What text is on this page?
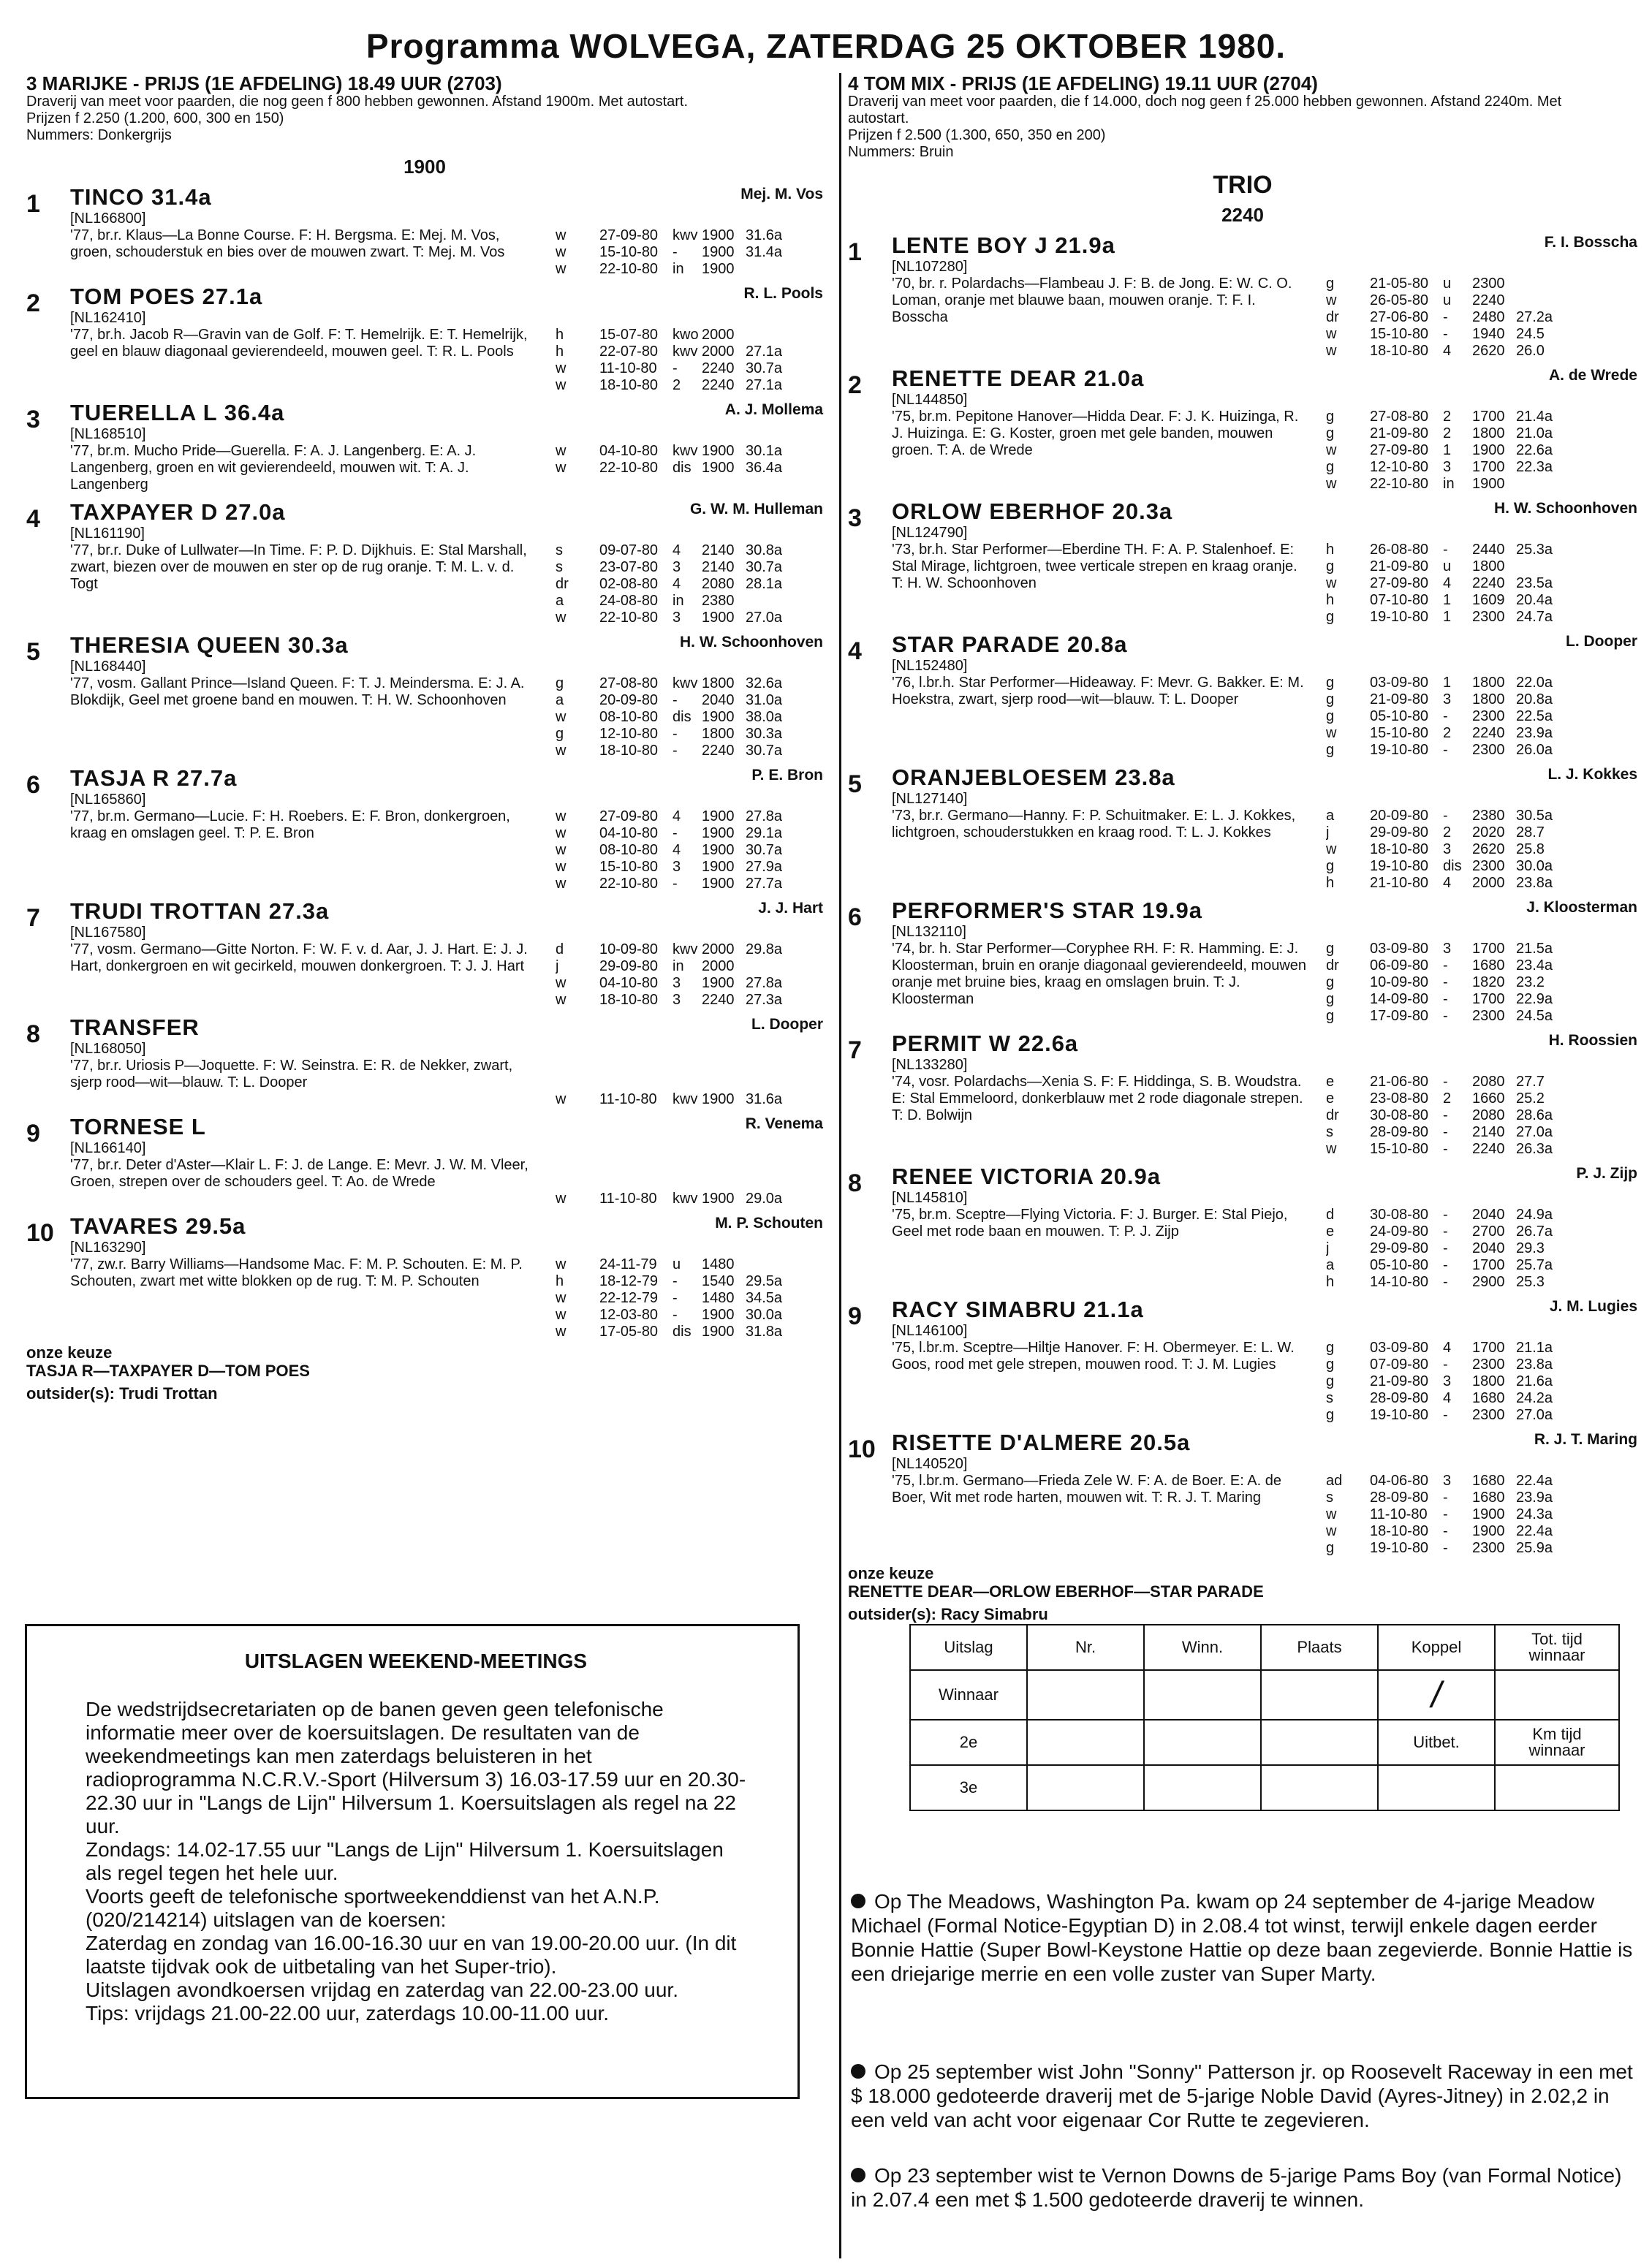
Programma WOLVEGA, ZATERDAG 25 OKTOBER 1980.
3 MARIJKE - PRIJS (1E AFDELING) 18.49 UUR (2703)
Draverij van meet voor paarden, die nog geen f 800 hebben gewonnen. Afstand 1900m. Met autostart.
Prijzen f 2.250 (1.200, 600, 300 en 150)
Nummers: Donkergrijs
1900
1	TINCO 31.4a	Mej. M. Vos
[NL166800]
'77, br.r. Klaus—La Bonne Course. F: H. Bergsma. E: Mej. M. Vos, groen, schouderstuk en bies over de mouwen zwart. T: Mej. M. Vos
w	27-09-80 kwv 1900 31.6a
w	15-10-80 -	1900 31.4a
w	22-10-80 in	1900
2	TOM POES 27.1a	R. L. Pools
[NL162410]
'77, br.h. Jacob R—Gravin van de Golf. F: T. Hemelrijk. E: T. Hemelrijk, geel en blauw diagonaal gevierendeeld, mouwen geel. T: R. L. Pools
h	15-07-80 kwo 2000
h	22-07-80 kwv 2000 27.1a
w	11-10-80	-	2240 30.7a
w	18-10-80 2	2240 27.1a
3	TUERELLA L 36.4a	A. J. Mollema
[NL168510]
'77, br.m. Mucho Pride—Guerella. F: A. J. Langenberg. E: A. J. Langenberg, groen en wit gevierendeeld, mouwen wit. T: A. J. Langenberg
w	04-10-80 kwv 1900 30.1a
w	22-10-80 dis 1900 36.4a
4	TAXPAYER D 27.0a	G. W. M. Hulleman
[NL161190]
'77, br.r. Duke of Lullwater—In Time. F: P. D. Dijkhuis. E: Stal Marshall, zwart, biezen over de mouwen en ster op de rug oranje. T: M. L. v. d. Togt
s	09-07-80 4	2140 30.8a
s	23-07-80 3	2140 30.7a
dr	02-08-80 4	2080 28.1a
a	24-08-80 in	2380
w	22-10-80 3	1900 27.0a
5	THERESIA QUEEN 30.3a	H. W. Schoonhoven
[NL168440]
'77, vosm. Gallant Prince—Island Queen. F: T. J. Meindersma. E: J. A. Blokdijk, Geel met groene band en mouwen. T: H. W. Schoonhoven
g	27-08-80 kwv 1800 32.6a
a	20-09-80 -	2040 31.0a
w	08-10-80 dis 1900 38.0a
g	12-10-80 -	1800 30.3a
w	18-10-80 -	2240 30.7a
6	TASJA R 27.7a	P. E. Bron
[NL165860]
'77, br.m. Germano—Lucie. F: H. Roebers. E: F. Bron, donkergroen, kraag en omslagen geel. T: P. E. Bron
w	27-09-80 4	1900 27.8a
w	04-10-80 -	1900 29.1a
w	08-10-80 4	1900 30.7a
w	15-10-80 3	1900 27.9a
w	22-10-80 -	1900 27.7a
7	TRUDI TROTTAN 27.3a	J. J. Hart
[NL167580]
'77, vosm. Germano—Gitte Norton. F: W. F. v. d. Aar, J. J. Hart. E: J. J. Hart, donkergroen en wit gecirkeld, mouwen donkergroen. T: J. J. Hart
d	10-09-80 kwv 2000 29.8a
j	29-09-80 in	2000
w	04-10-80 3	1900 27.8a
w	18-10-80 3	2240 27.3a
8	TRANSFER	L. Dooper
[NL168050]
'77, br.r. Uriosis P—Joquette. F: W. Seinstra. E: R. de Nekker, zwart, sjerp rood—wit—blauw. T: L. Dooper
w	11-10-80	kwv 1900 31.6a
9	TORNESE L	R. Venema
[NL166140]
'77, br.r. Deter d'Aster—Klair L. F: J. de Lange. E: Mevr. J. W. M. Vleer, Groen, strepen over de schouders geel. T: Ao. de Wrede
w	11-10-80	kwv 1900 29.0a
10 TAVARES 29.5a	M. P. Schouten
[NL163290]
'77, zw.r. Barry Williams—Handsome Mac. F: M. P. Schouten. E: M. P. Schouten, zwart met witte blokken op de rug. T: M. P. Schouten
w	24-11-79	u	1480
h	18-12-79 -	1540 29.5a
w	22-12-79 -	1480 34.5a
w	12-03-80 -	1900 30.0a
w	17-05-80 dis 1900 31.8a
onze keuze
TASJA R—TAXPAYER D—TOM POES
outsider(s): Trudi Trottan
4 TOM MIX - PRIJS (1E AFDELING) 19.11 UUR (2704)
Draverij van meet voor paarden, die f 14.000, doch nog geen f 25.000 hebben gewonnen. Afstand 2240m. Met autostart.
Prijzen f 2.500 (1.300, 650, 350 en 200)
Nummers: Bruin
TRIO
2240
1	LENTE BOY J 21.9a	F. I. Bosscha
[NL107280]
'70, br. r. Polardachs—Flambeau J. F: B. de Jong. E: W. C. O. Loman, oranje met blauwe baan, mouwen oranje. T: F. I. Bosscha
g	21-05-80 u	2300
w	26-05-80 u	2240
dr	27-06-80 -	2480 27.2a
w	15-10-80 -	1940 24.5
w	18-10-80 4	2620 26.0
2	RENETTE DEAR 21.0a	A. de Wrede
[NL144850]
'75, br.m. Pepitone Hanover—Hidda Dear. F: J. K. Huizinga, R. J. Huizinga. E: G. Koster, groen met gele banden, mouwen groen. T: A. de Wrede
g	27-08-80 2	1700 21.4a
g	21-09-80 2	1800 21.0a
w	27-09-80 1	1900 22.6a
g	12-10-80 3	1700 22.3a
w	22-10-80 in	1900
3	ORLOW EBERHOF 20.3a	H. W. Schoonhoven
[NL124790]
'73, br.h. Star Performer—Eberdine TH. F: A. P. Stalenhoef. E: Stal Mirage, lichtgroen, twee verticale strepen en kraag oranje. T: H. W. Schoonhoven
h	26-08-80 -	2440 25.3a
g	21-09-80 u	1800
w	27-09-80 4	2240 23.5a
h	07-10-80 1	1609 20.4a
g	19-10-80 1	2300 24.7a
4	STAR PARADE 20.8a	L. Dooper
[NL152480]
'76, l.br.h. Star Performer—Hideaway. F: Mevr. G. Bakker. E: M. Hoekstra, zwart, sjerp rood—wit—blauw. T: L. Dooper
g	03-09-80 1	1800 22.0a
g	21-09-80 3	1800 20.8a
g	05-10-80 -	2300 22.5a
w	15-10-80 2	2240 23.9a
g	19-10-80 -	2300 26.0a
5	ORANJEBLOESEM 23.8a	L. J. Kokkes
[NL127140]
'73, br.r. Germano—Hanny. F: P. Schuitmaker. E: L. J. Kokkes, lichtgroen, schouderstukken en kraag rood. T: L. J. Kokkes
a	20-09-80 -	2380 30.5a
j	29-09-80 2	2020 28.7
w	18-10-80 3	2620 25.8
g	19-10-80 dis 2300 30.0a
h	21-10-80 4	2000 23.8a
6	PERFORMER'S STAR 19.9a	J. Kloosterman
[NL132110]
'74, br. h. Star Performer—Coryphee RH. F: R. Hamming. E: J. Kloosterman, bruin en oranje diagonaal gevierendeeld, mouwen oranje met bruine bies, kraag en omslagen bruin. T: J. Kloosterman
g	03-09-80 3	1700 21.5a
dr	06-09-80 -	1680 23.4a
g	10-09-80 -	1820 23.2
g	14-09-80 -	1700 22.9a
g	17-09-80 -	2300 24.5a
7	PERMIT W 22.6a	H. Roossien
[NL133280]
'74, vosr. Polardachs—Xenia S. F: F. Hiddinga, S. B. Woudstra. E: Stal Emmeloord, donkerblauw met 2 rode diagonale strepen. T: D. Bolwijn
e	21-06-80 -	2080 27.7
e	23-08-80 2	1660 25.2
dr	30-08-80 -	2080 28.6a
s	28-09-80 -	2140 27.0a
w	15-10-80 -	2240 26.3a
8	RENEE VICTORIA 20.9a	P. J. Zijp
[NL145810]
'75, br.m. Sceptre—Flying Victoria. F: J. Burger. E: Stal Piejo, Geel met rode baan en mouwen. T: P. J. Zijp
d	30-08-80 -	2040 24.9a
e	24-09-80 -	2700 26.7a
j	29-09-80 -	2040 29.3
a	05-10-80 -	1700 25.7a
h	14-10-80 -	2900 25.3
9	RACY SIMABRU 21.1a	J. M. Lugies
[NL146100]
'75, l.br.m. Sceptre—Hiltje Hanover. F: H. Obermeyer. E: L. W. Goos, rood met gele strepen, mouwen rood. T: J. M. Lugies
g	03-09-80 4	1700 21.1a
g	07-09-80 -	2300 23.8a
g	21-09-80 3	1800 21.6a
s	28-09-80 4	1680 24.2a
g	19-10-80 -	2300 27.0a
10 RISETTE D'ALMERE 20.5a	R. J. T. Maring
[NL140520]
'75, l.br.m. Germano—Frieda Zele W. F: A. de Boer. E: A. de Boer, Wit met rode harten, mouwen wit. T: R. J. T. Maring
ad	04-06-80 3	1680 22.4a
s	28-09-80 -	1680 23.9a
w	11-10-80	-	1900 24.3a
w	18-10-80 -	1900 22.4a
g	19-10-80 -	2300 25.9a
onze keuze
RENETTE DEAR—ORLOW EBERHOF—STAR PARADE
outsider(s): Racy Simabru
UITSLAGEN WEEKEND-MEETINGS

De wedstrijdsecretariaten op de banen geven geen telefonische informatie meer over de koersuitslagen. De resultaten van de weekendmeetings kan men zaterdags beluisteren in het radioprogramma N.C.R.V.-Sport (Hilversum 3) 16.03-17.59 uur en 20.30-22.30 uur in "Langs de Lijn" Hilversum 1. Koersuitslagen als regel na 22 uur.

Zondags: 14.02-17.55 uur "Langs de Lijn" Hilversum 1. Koersuitslagen als regel tegen het hele uur.

Voorts geeft de telefonische sportweekenddienst van het A.N.P. (020/214214) uitslagen van de koersen:

Zaterdag en zondag van 16.00-16.30 uur en van 19.00-20.00 uur. (In dit laatste tijdvak ook de uitbetaling van het Super-trio).

Uitslagen avondkoersen vrijdag en zaterdag van 22.00-23.00 uur.

Tips: vrijdags 21.00-22.00 uur, zaterdags 10.00-11.00 uur.

Uitslag	Nr.	Winn.	Plaats	Koppel	Tot. tijd winnaar
Winnaar				/	
2e				Uitbet.	Km tijd winnaar
3e					

Op The Meadows, Washington Pa. kwam op 24 september de 4-jarige Meadow Michael (Formal Notice-Egyptian D) in 2.08.4 tot winst, terwijl enkele dagen eerder Bonnie Hattie (Super Bowl-Keystone Hattie op deze baan zegevierde. Bonnie Hattie is een driejarige merrie en een volle zuster van Super Marty.

Op 25 september wist John "Sonny" Patterson jr. op Roosevelt Raceway in een met $ 18.000 gedoteerde draverij met de 5-jarige Noble David (Ayres-Jitney) in 2.02,2 in een veld van acht voor eigenaar Cor Rutte te zegevieren.

Op 23 september wist te Vernon Downs de 5-jarige Pams Boy (van Formal Notice) in 2.07.4 een met $ 1.500 gedoteerde draverij te winnen.
